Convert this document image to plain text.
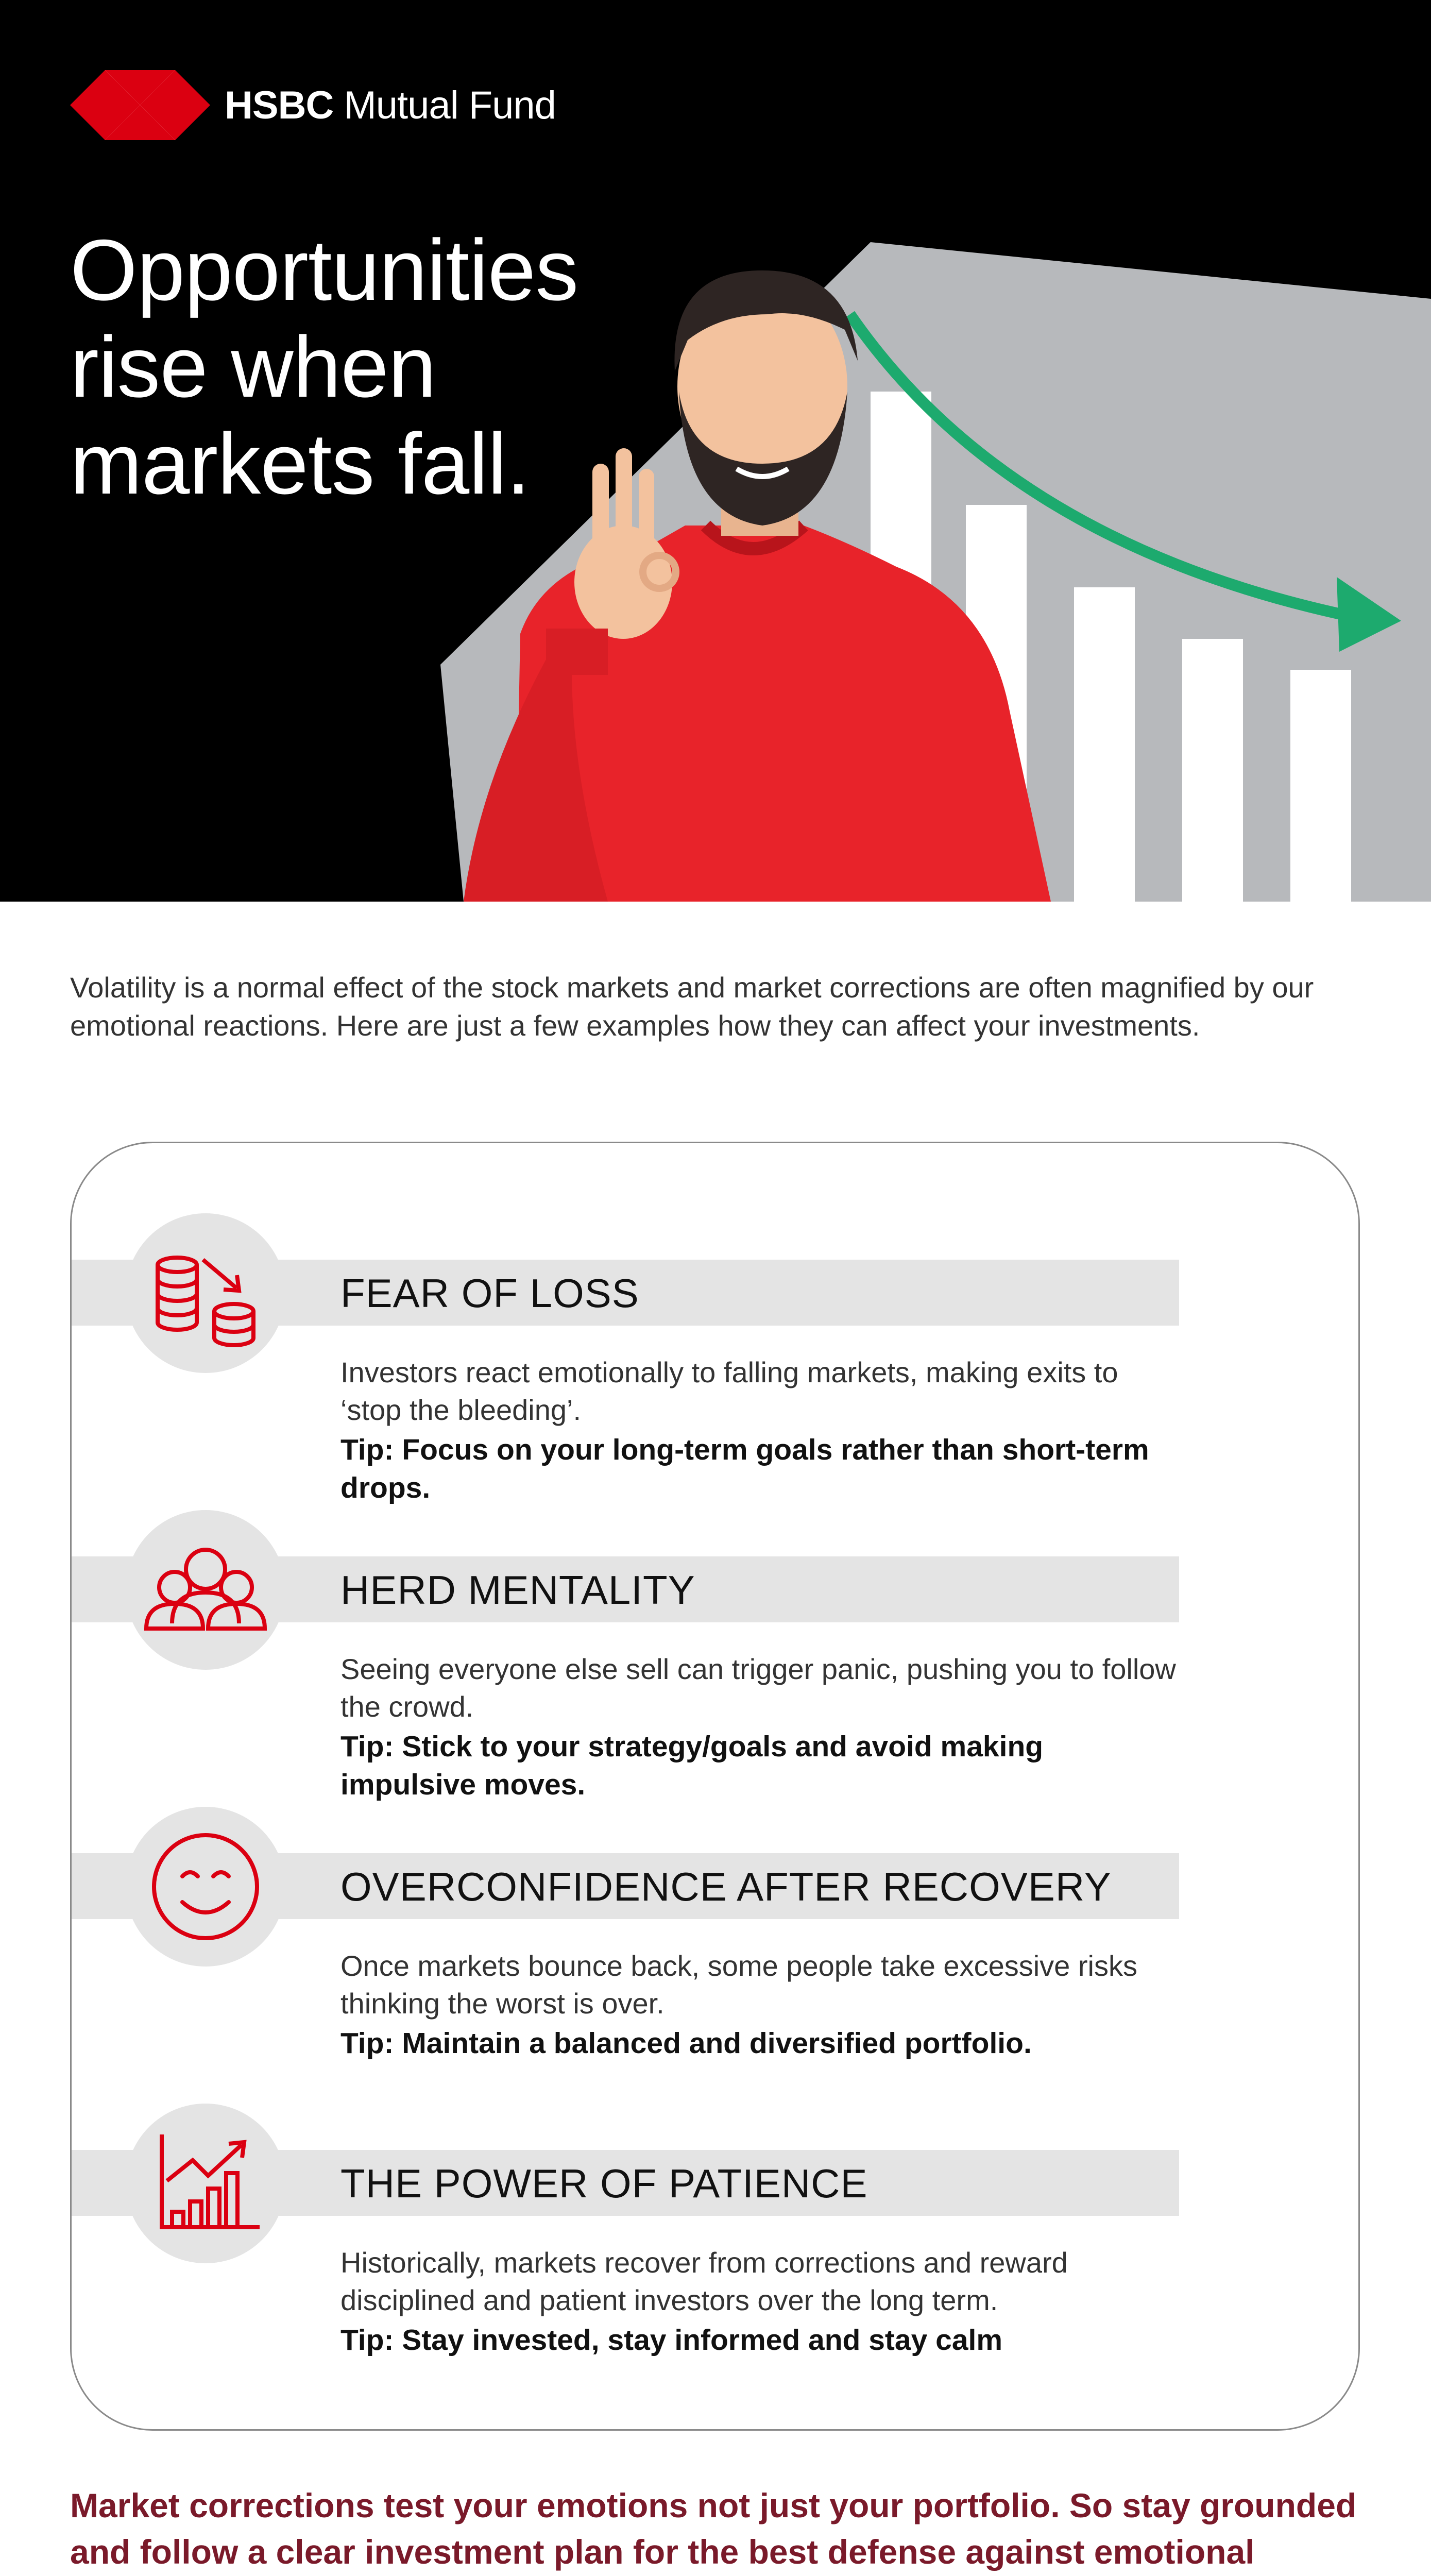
HSBC Mutual Fund
Opportunities
rise when
markets fall.

Volatility is a normal effect of the stock markets and market corrections are often magnified by our emotional reactions. Here are just a few examples how they can affect your investments.

FEAR OF LOSS
Investors react emotionally to falling markets, making exits to ‘stop the bleeding’.
Tip: Focus on your long-term goals rather than short-term drops.
HERD MENTALITY
Seeing everyone else sell can trigger panic, pushing you to follow the crowd.
Tip: Stick to your strategy/goals and avoid making impulsive moves.
OVERCONFIDENCE AFTER RECOVERY
Once markets bounce back, some people take excessive risks thinking the worst is over.
Tip: Maintain a balanced and diversified portfolio.
THE POWER OF PATIENCE
Historically, markets recover from corrections and reward disciplined and patient investors over the long term.
Tip: Stay invested, stay informed and stay calm

Market corrections test your emotions not just your portfolio. So stay grounded and follow a clear investment plan for the best defense against emotional
